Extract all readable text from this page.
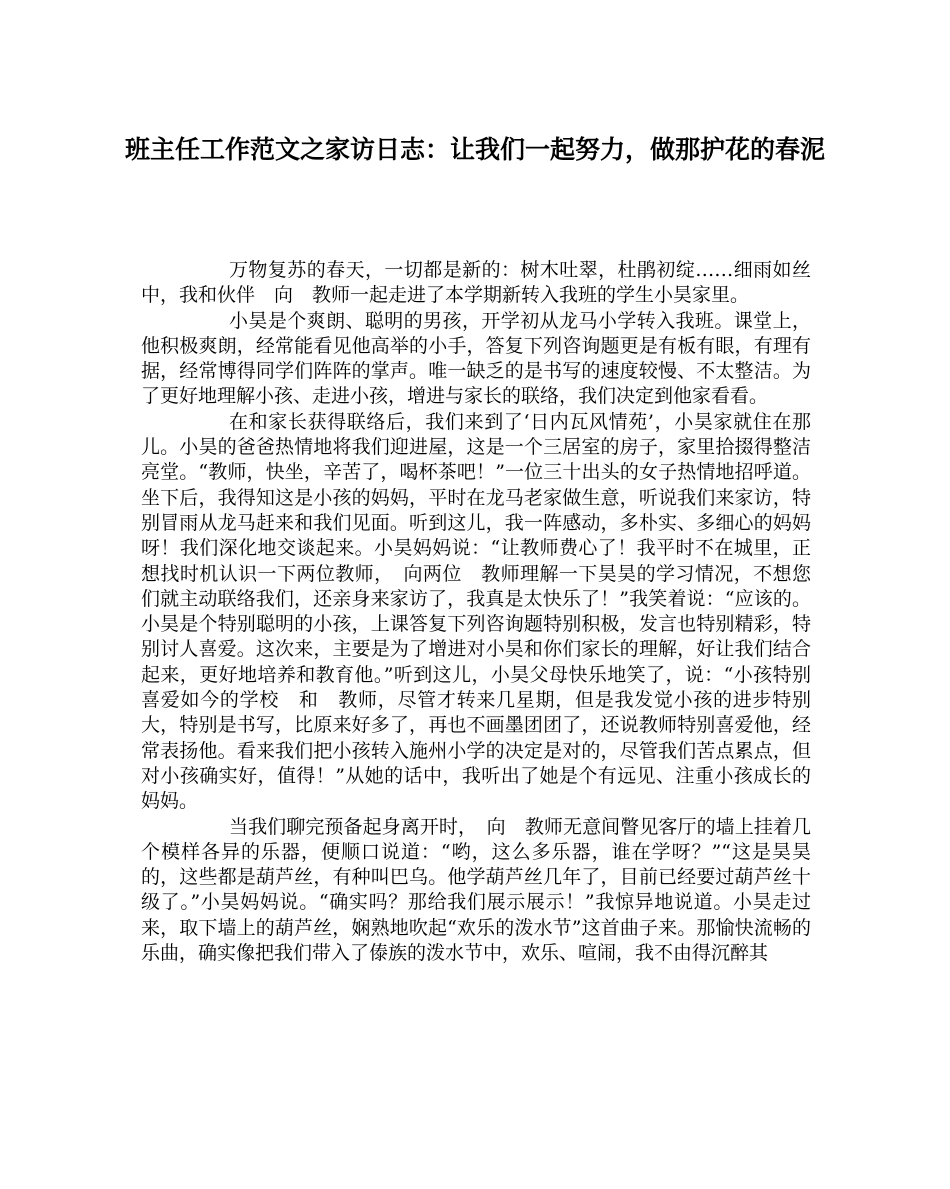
班主任工作范文之家访日志：让我们一起努力，做那护花的春泥

万物复苏的春天，一切都是新的：树木吐翠，杜鹃初绽……细雨如丝中，我和伙伴　向　教师一起走进了本学期新转入我班的学生小昊家里。

小昊是个爽朗、聪明的男孩，开学初从龙马小学转入我班。课堂上，他积极爽朗，经常能看见他高举的小手，答复下列咨询题更是有板有眼，有理有据，经常博得同学们阵阵的掌声。唯一缺乏的是书写的速度较慢、不太整洁。为了更好地理解小孩、走进小孩，增进与家长的联络，我们决定到他家看看。

在和家长获得联络后，我们来到了‘日内瓦风情苑’，小昊家就住在那儿。小昊的爸爸热情地将我们迎进屋，这是一个三居室的房子，家里拾掇得整洁亮堂。“教师，快坐，辛苦了，喝杯茶吧！”一位三十出头的女子热情地招呼道。坐下后，我得知这是小孩的妈妈，平时在龙马老家做生意，听说我们来家访，特别冒雨从龙马赶来和我们见面。听到这儿，我一阵感动，多朴实、多细心的妈妈呀！我们深化地交谈起来。小昊妈妈说：“让教师费心了！我平时不在城里，正想找时机认识一下两位教师，　向两位　教师理解一下昊昊的学习情况，不想您们就主动联络我们，还亲身来家访了，我真是太快乐了！”我笑着说：“应该的。小昊是个特别聪明的小孩，上课答复下列咨询题特别积极，发言也特别精彩，特别讨人喜爱。这次来，主要是为了增进对小昊和你们家长的理解，好让我们结合起来，更好地培养和教育他。”听到这儿，小昊父母快乐地笑了，说：“小孩特别喜爱如今的学校　和　教师，尽管才转来几星期，但是我发觉小孩的进步特别大，特别是书写，比原来好多了，再也不画墨团团了，还说教师特别喜爱他，经常表扬他。看来我们把小孩转入施州小学的决定是对的，尽管我们苦点累点，但对小孩确实好，值得！”从她的话中，我听出了她是个有远见、注重小孩成长的妈妈。

当我们聊完预备起身离开时，　向　教师无意间瞥见客厅的墙上挂着几个模样各异的乐器，便顺口说道：“哟，这么多乐器，谁在学呀？”“这是昊昊的，这些都是葫芦丝，有种叫巴乌。他学葫芦丝几年了，目前已经要过葫芦丝十级了。”小昊妈妈说。“确实吗？那给我们展示展示！”我惊异地说道。小昊走过来，取下墙上的葫芦丝，娴熟地吹起“欢乐的泼水节”这首曲子来。那愉快流畅的乐曲，确实像把我们带入了傣族的泼水节中，欢乐、喧闹，我不由得沉醉其
